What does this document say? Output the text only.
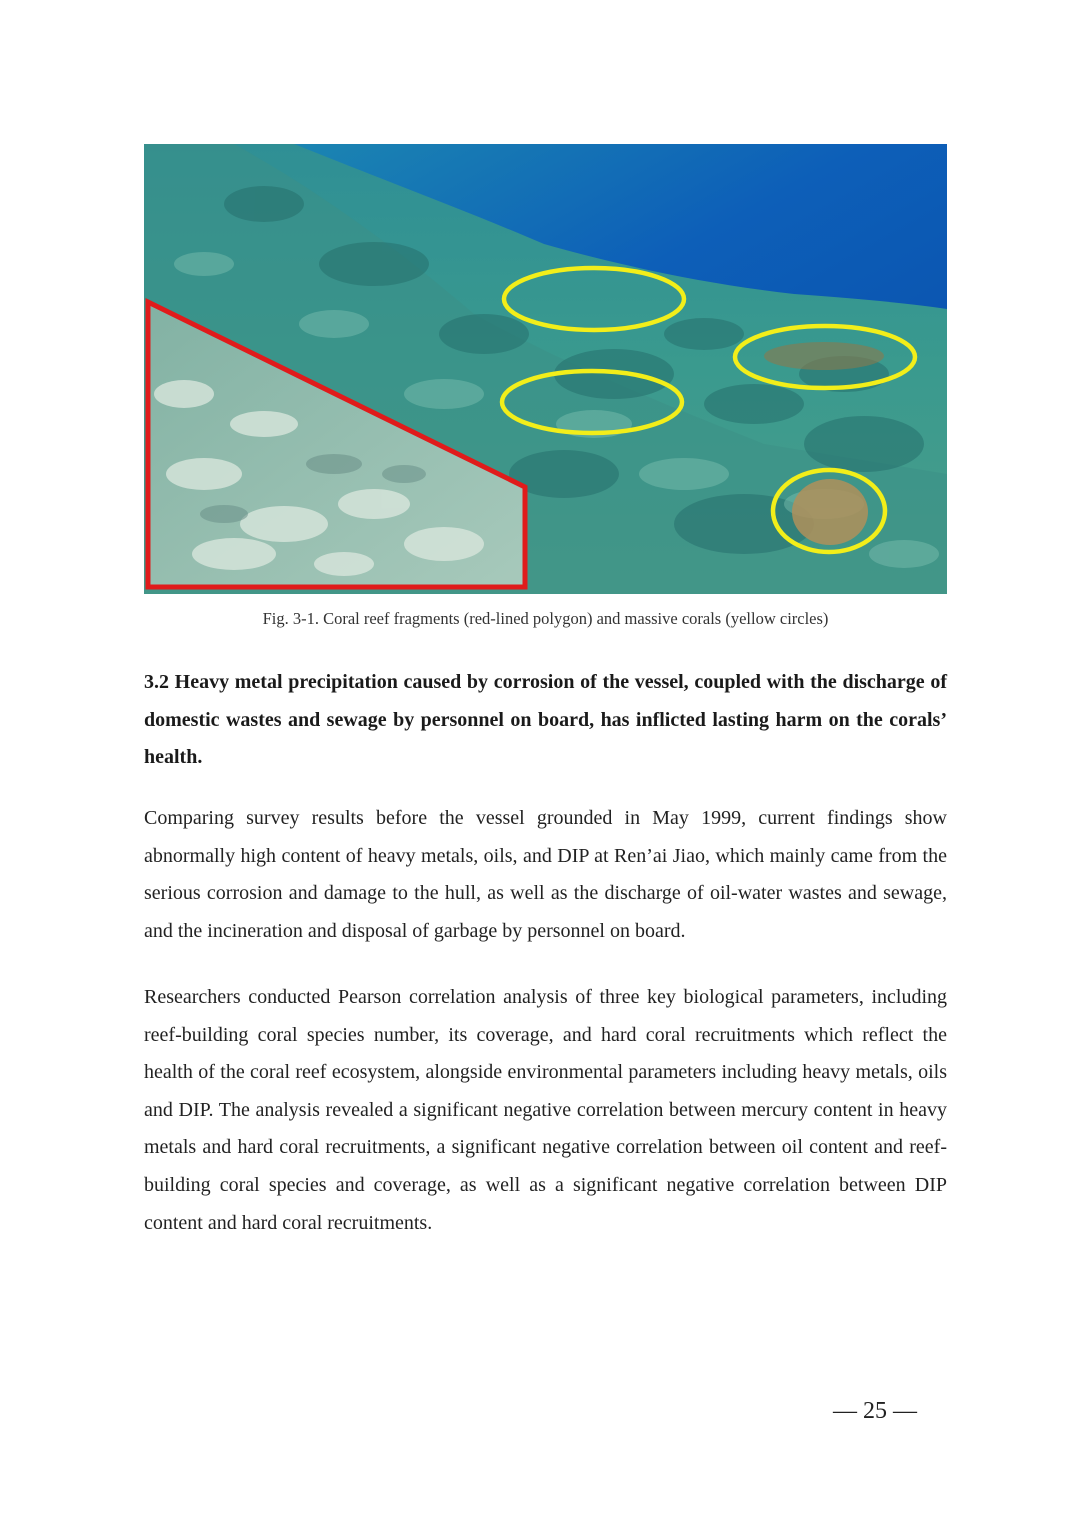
Fig. 3-1. Coral reef fragments (red-lined polygon) and massive corals (yellow circles)

3.2 Heavy metal precipitation caused by corrosion of the vessel, coupled with the discharge of domestic wastes and sewage by personnel on board, has inflicted lasting harm on the corals’ health.

Comparing survey results before the vessel grounded in May 1999, current findings show abnormally high content of heavy metals, oils, and DIP at Ren’ai Jiao, which mainly came from the serious corrosion and damage to the hull, as well as the discharge of oil-water wastes and sewage, and the incineration and disposal of garbage by personnel on board.

Researchers conducted Pearson correlation analysis of three key biological parameters, including reef-building coral species number, its coverage, and hard coral recruitments which reflect the health of the coral reef ecosystem, alongside environmental parameters including heavy metals, oils and DIP. The analysis revealed a significant negative correlation between mercury content in heavy metals and hard coral recruitments, a significant negative correlation between oil content and reef-building coral species and coverage, as well as a significant negative correlation between DIP content and hard coral recruitments.

— 25 —
